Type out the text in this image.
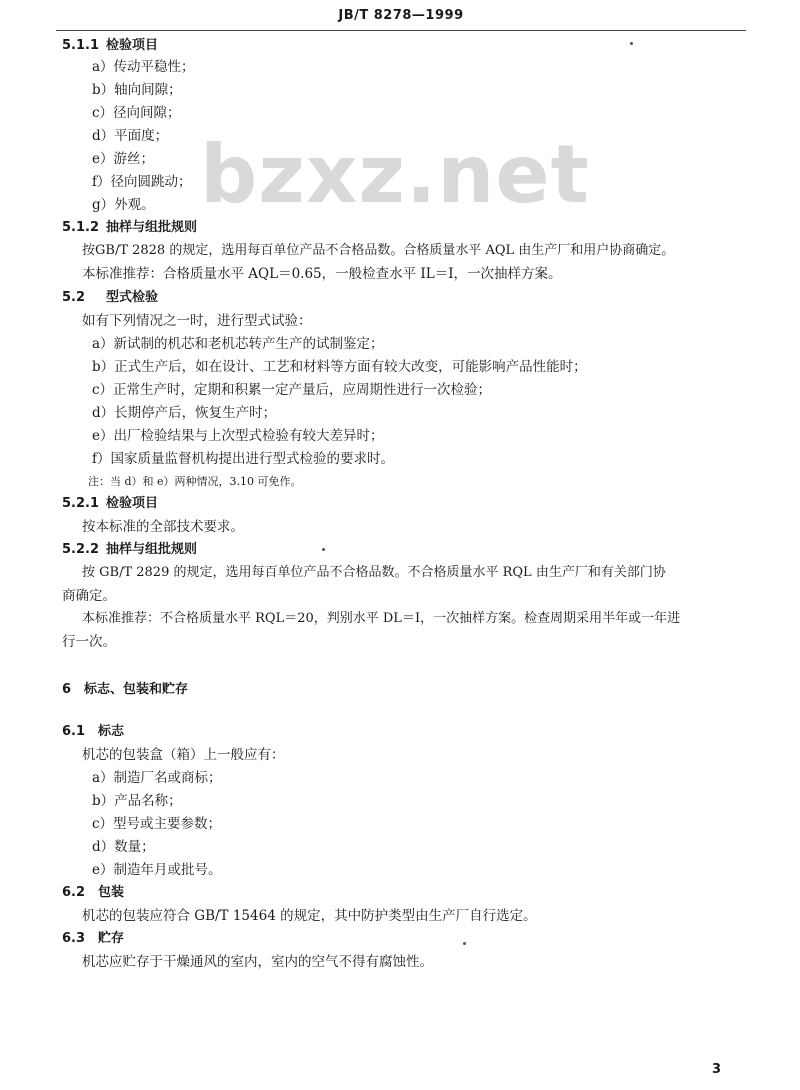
JB/T 8278—1999
bzxz.net
5.1.1 检验项目
a）传动平稳性；
b）轴向间隙；
c）径向间隙；
d）平面度；
e）游丝；
f）径向圆跳动；
g）外观。
5.1.2 抽样与组批规则
按GB/T 2828 的规定，选用每百单位产品不合格品数。合格质量水平 AQL 由生产厂和用户协商确定。
本标准推荐：合格质量水平 AQL＝0.65，一般检查水平 IL＝Ⅰ，一次抽样方案。
5.2 型式检验
如有下列情况之一时，进行型式试验：
a）新试制的机芯和老机芯转产生产的试制鉴定；
b）正式生产后，如在设计、工艺和材料等方面有较大改变，可能影响产品性能时；
c）正常生产时，定期和积累一定产量后，应周期性进行一次检验；
d）长期停产后，恢复生产时；
e）出厂检验结果与上次型式检验有较大差异时；
f）国家质量监督机构提出进行型式检验的要求时。
注：当 d）和 e）两种情况，3.10 可免作。
5.2.1 检验项目
按本标准的全部技术要求。
5.2.2 抽样与组批规则
按 GB/T 2829 的规定，选用每百单位产品不合格品数。不合格质量水平 RQL 由生产厂和有关部门协
商确定。
本标准推荐：不合格质量水平 RQL＝20，判别水平 DL＝Ⅰ，一次抽样方案。检查周期采用半年或一年进
行一次。
6 标志、包装和贮存
6.1 标志
机芯的包装盒（箱）上一般应有：
a）制造厂名或商标；
b）产品名称；
c）型号或主要参数；
d）数量；
e）制造年月或批号。
6.2 包装
机芯的包装应符合 GB/T 15464 的规定，其中防护类型由生产厂自行选定。
6.3 贮存
机芯应贮存于干燥通风的室内，室内的空气不得有腐蚀性。
3
